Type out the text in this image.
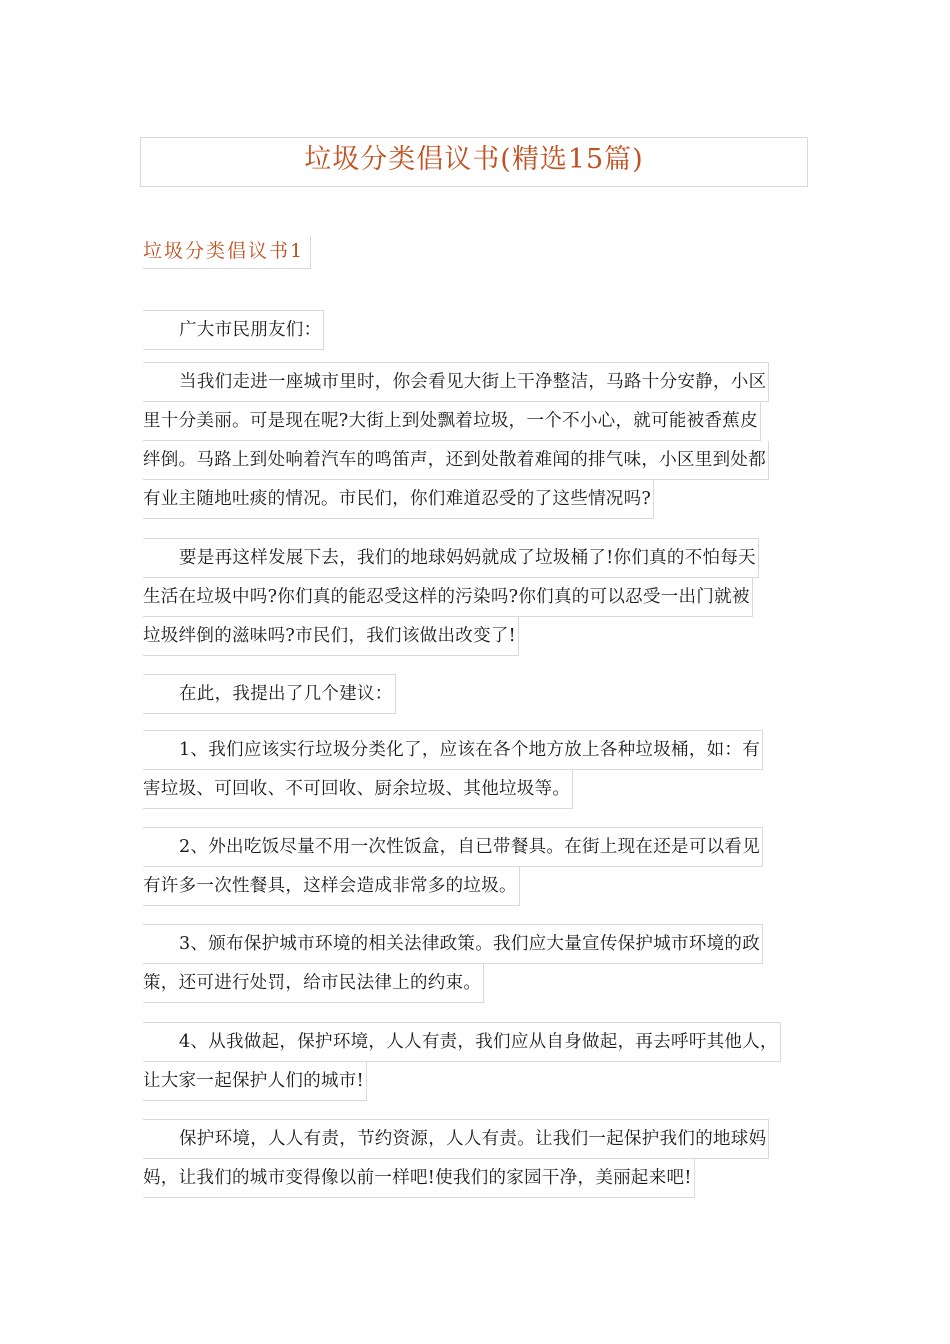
垃圾分类倡议书(精选15篇)
垃圾分类倡议书1
广大市民朋友们：
当我们走进一座城市里时，你会看见大街上干净整洁，马路十分安静，小区
里十分美丽。可是现在呢?大街上到处飘着垃圾，一个不小心，就可能被香蕉皮
绊倒。马路上到处响着汽车的鸣笛声，还到处散着难闻的排气味，小区里到处都
有业主随地吐痰的情况。市民们，你们难道忍受的了这些情况吗?
要是再这样发展下去，我们的地球妈妈就成了垃圾桶了!你们真的不怕每天
生活在垃圾中吗?你们真的能忍受这样的污染吗?你们真的可以忍受一出门就被
垃圾绊倒的滋味吗?市民们，我们该做出改变了!
在此，我提出了几个建议：
1、我们应该实行垃圾分类化了，应该在各个地方放上各种垃圾桶，如：有
害垃圾、可回收、不可回收、厨余垃圾、其他垃圾等。
2、外出吃饭尽量不用一次性饭盒，自已带餐具。在街上现在还是可以看见
有许多一次性餐具，这样会造成非常多的垃圾。
3、颁布保护城市环境的相关法律政策。我们应大量宣传保护城市环境的政
策，还可进行处罚，给市民法律上的约束。
4、从我做起，保护环境，人人有责，我们应从自身做起，再去呼吁其他人，
让大家一起保护人们的城市!
保护环境，人人有责，节约资源，人人有责。让我们一起保护我们的地球妈
妈，让我们的城市变得像以前一样吧!使我们的家园干净，美丽起来吧!
